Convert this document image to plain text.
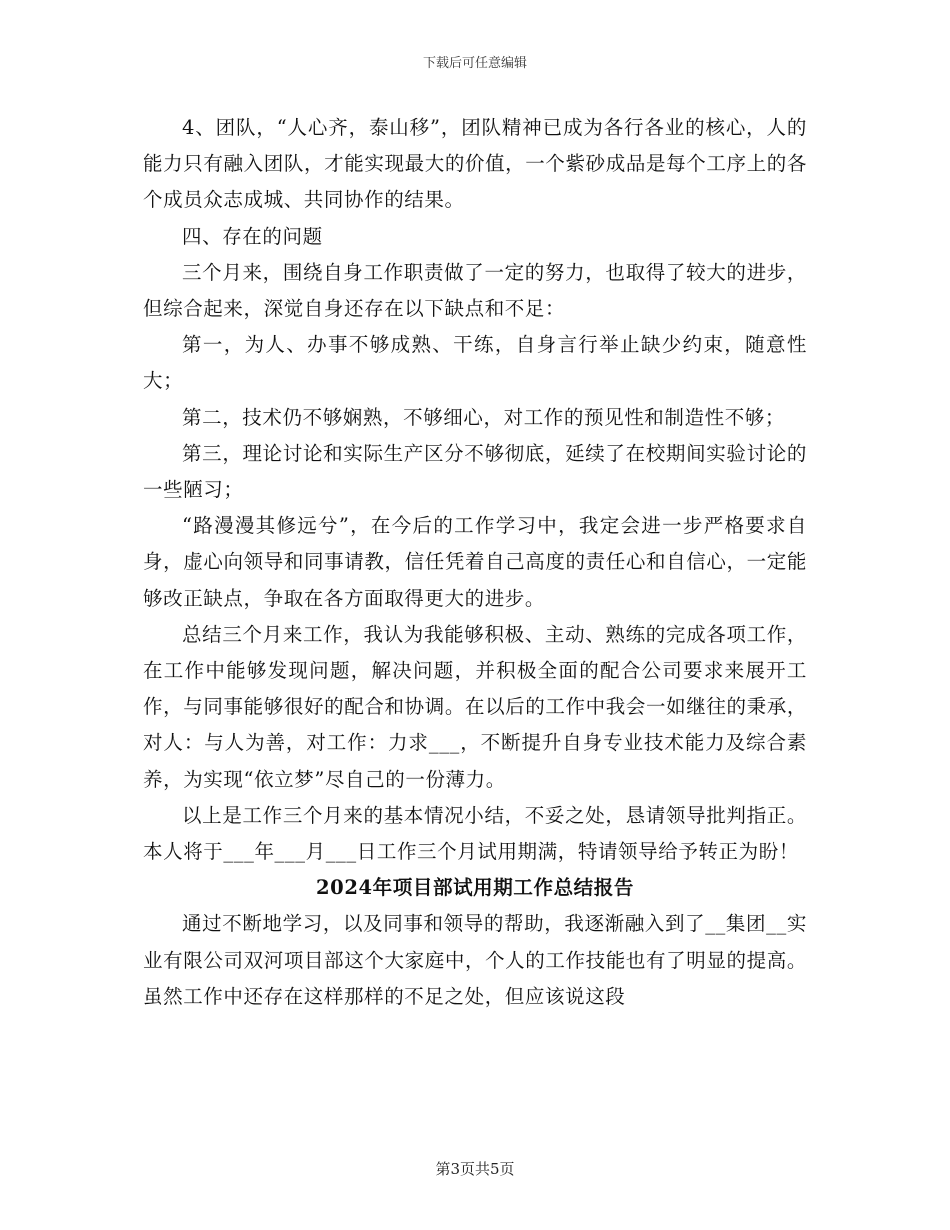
下载后可任意编辑

4、团队，“人心齐，泰山移”，团队精神已成为各行各业的核心，人的能力只有融入团队，才能实现最大的价值，一个紫砂成品是每个工序上的各个成员众志成城、共同协作的结果。

四、存在的问题

三个月来，围绕自身工作职责做了一定的努力，也取得了较大的进步，但综合起来，深觉自身还存在以下缺点和不足：

第一，为人、办事不够成熟、干练，自身言行举止缺少约束，随意性大；

第二，技术仍不够娴熟，不够细心，对工作的预见性和制造性不够；

第三，理论讨论和实际生产区分不够彻底，延续了在校期间实验讨论的一些陋习；

“路漫漫其修远兮”，在今后的工作学习中，我定会进一步严格要求自身，虚心向领导和同事请教，信任凭着自己高度的责任心和自信心，一定能够改正缺点，争取在各方面取得更大的进步。

总结三个月来工作，我认为我能够积极、主动、熟练的完成各项工作，在工作中能够发现问题，解决问题，并积极全面的配合公司要求来展开工作，与同事能够很好的配合和协调。在以后的工作中我会一如继往的秉承，对人：与人为善，对工作：力求___，不断提升自身专业技术能力及综合素养，为实现“依立梦”尽自己的一份薄力。

以上是工作三个月来的基本情况小结，不妥之处，恳请领导批判指正。本人将于___年___月___日工作三个月试用期满，特请领导给予转正为盼！

2024年项目部试用期工作总结报告

通过不断地学习，以及同事和领导的帮助，我逐渐融入到了__集团__实业有限公司双河项目部这个大家庭中，个人的工作技能也有了明显的提高。虽然工作中还存在这样那样的不足之处，但应该说这段

第3页共5页
